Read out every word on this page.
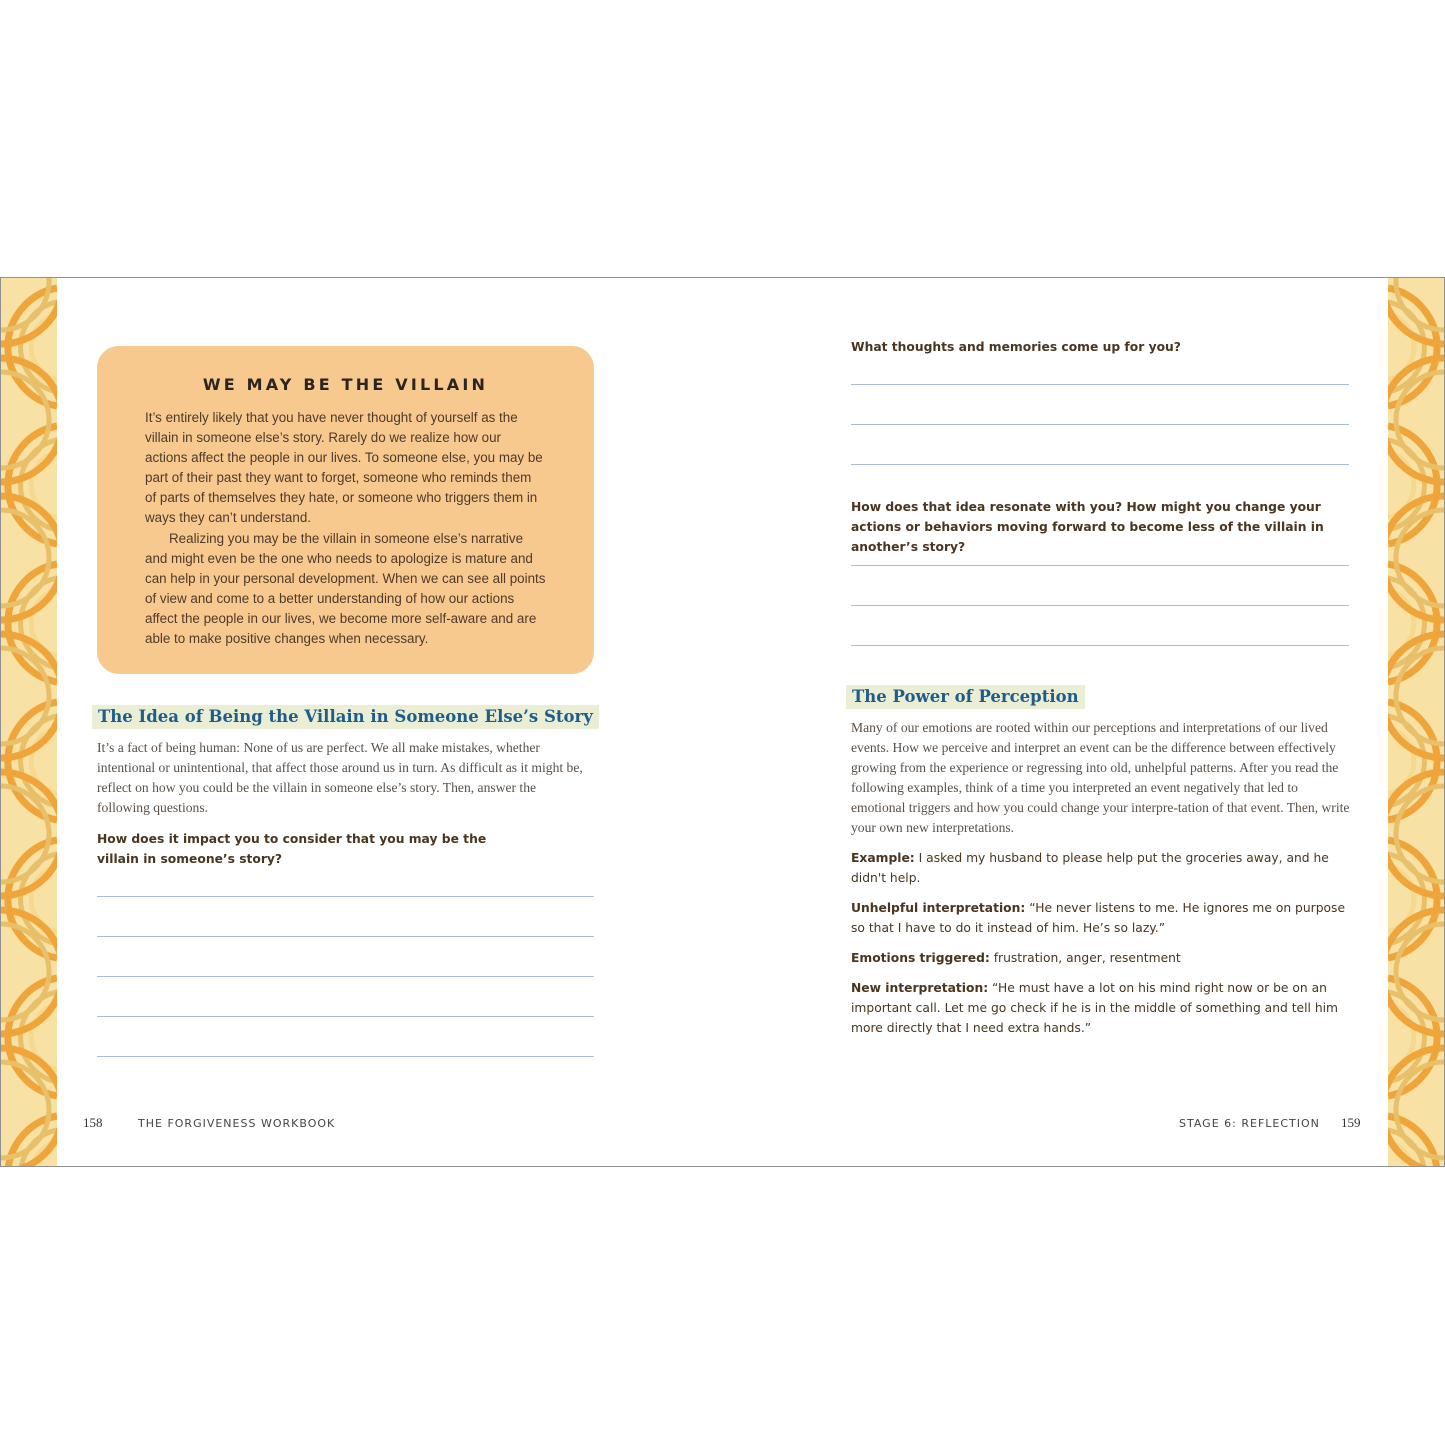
WE MAY BE THE VILLAIN

It’s entirely likely that you have never thought of yourself as the villain in someone else’s story. Rarely do we realize how our actions affect the people in our lives. To someone else, you may be part of their past they want to forget, someone who reminds them of parts of themselves they hate, or someone who triggers them in ways they can’t understand.

Realizing you may be the villain in someone else’s narrative and might even be the one who needs to apologize is mature and can help in your personal development. When we can see all points of view and come to a better understanding of how our actions affect the people in our lives, we become more self-aware and are able to make positive changes when necessary.

The Idea of Being the Villain in Someone Else’s Story

It’s a fact of being human: None of us are perfect. We all make mistakes, whether intentional or unintentional, that affect those around us in turn. As difficult as it might be, reflect on how you could be the villain in someone else’s story. Then, answer the following questions.

How does it impact you to consider that you may be the villain in someone’s story?

158	THE FORGIVENESS WORKBOOK

What thoughts and memories come up for you?

How does that idea resonate with you? How might you change your actions or behaviors moving forward to become less of the villain in another’s story?

The Power of Perception

Many of our emotions are rooted within our perceptions and interpretations of our lived events. How we perceive and interpret an event can be the difference between effectively growing from the experience or regressing into old, unhelpful patterns. After you read the following examples, think of a time you interpreted an event negatively that led to emotional triggers and how you could change your interpre-tation of that event. Then, write your own new interpretations.

Example: I asked my husband to please help put the groceries away, and he didn't help.

Unhelpful interpretation: “He never listens to me. He ignores me on purpose so that I have to do it instead of him. He’s so lazy.”

Emotions triggered: frustration, anger, resentment

New interpretation: “He must have a lot on his mind right now or be on an important call. Let me go check if he is in the middle of something and tell him more directly that I need extra hands.”

STAGE 6: REFLECTION 159
